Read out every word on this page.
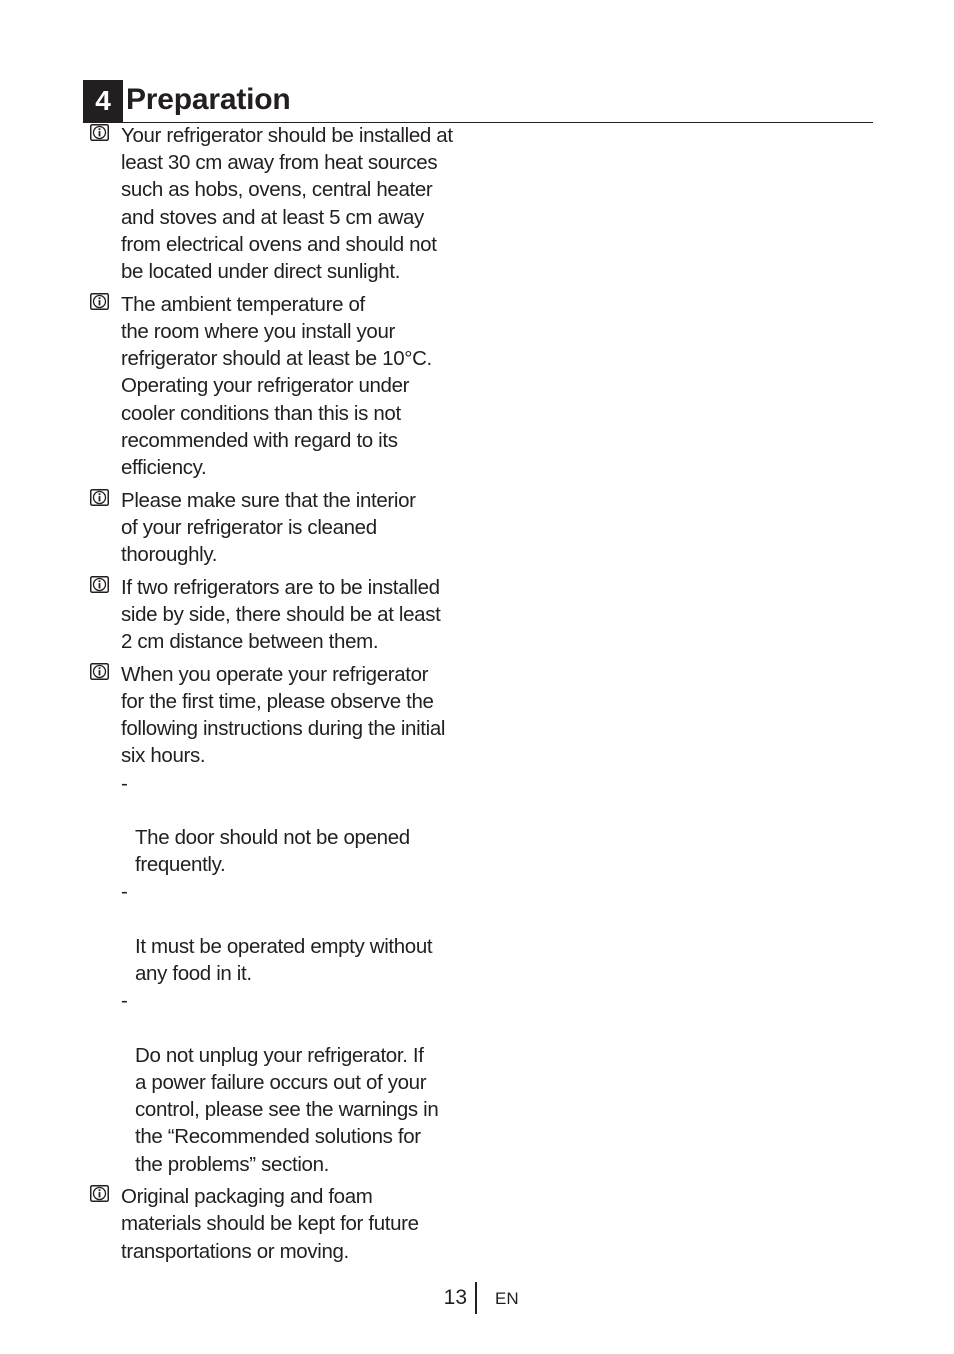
4 Preparation
Your refrigerator should be installed at
least 30 cm away from heat sources
such as hobs, ovens, central heater
and stoves and at least 5 cm away
from electrical ovens and should not
be located under direct sunlight.
The ambient temperature of
the room where you install your
refrigerator should at least be 10°C.
Operating your refrigerator under
cooler conditions than this is not
recommended with regard to its
efficiency.
Please make sure that the interior
of your refrigerator is cleaned
thoroughly.
If two refrigerators are to be installed
side by side, there should be at least
2 cm distance between them.
When you operate your refrigerator
for the first time, please observe the
following instructions during the initial
six hours.

-

The door should not be opened
frequently.

-

It must be operated empty without
any food in it.

-

Do not unplug your refrigerator. If
a power failure occurs out of your
control, please see the warnings in
the “Recommended solutions for
the problems” section.

Original packaging and foam
materials should be kept for future
transportations or moving.
13 EN
